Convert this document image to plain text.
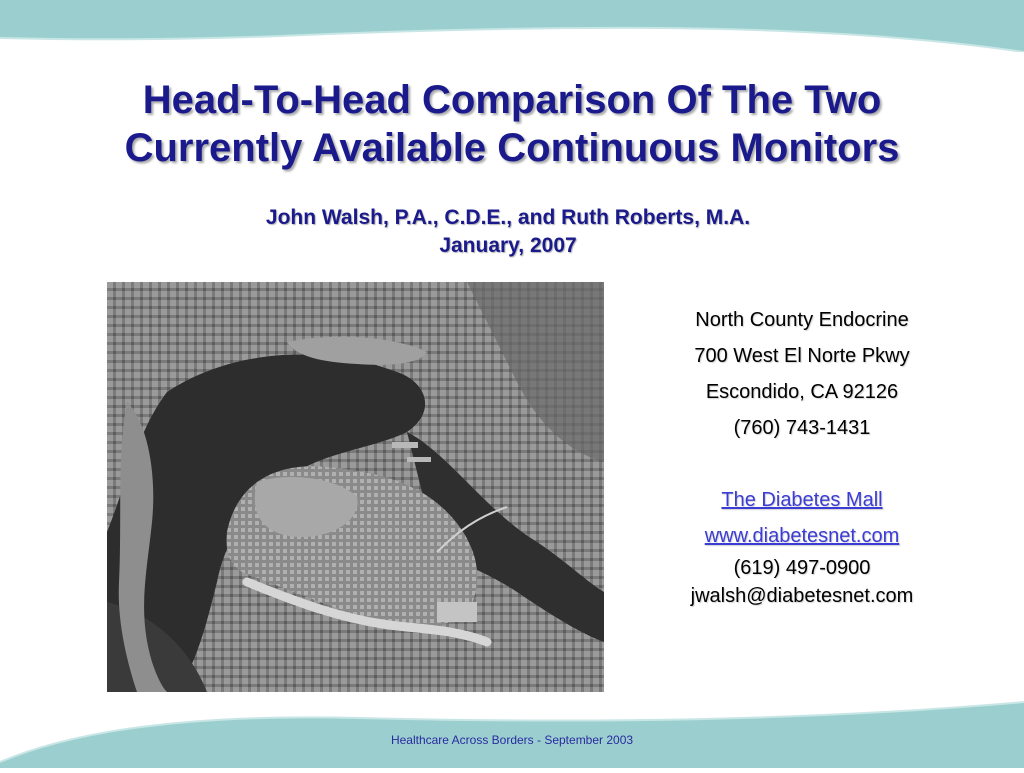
Head-To-Head Comparison Of The Two
Currently Available Continuous Monitors
John Walsh, P.A., C.D.E., and Ruth Roberts, M.A.
January, 2007
North County Endocrine
700 West El Norte Pkwy
Escondido, CA 92126
(760) 743-1431
The Diabetes Mall
www.diabetesnet.com
(619) 497-0900
jwalsh@diabetesnet.com
Healthcare Across Borders - September 2003
